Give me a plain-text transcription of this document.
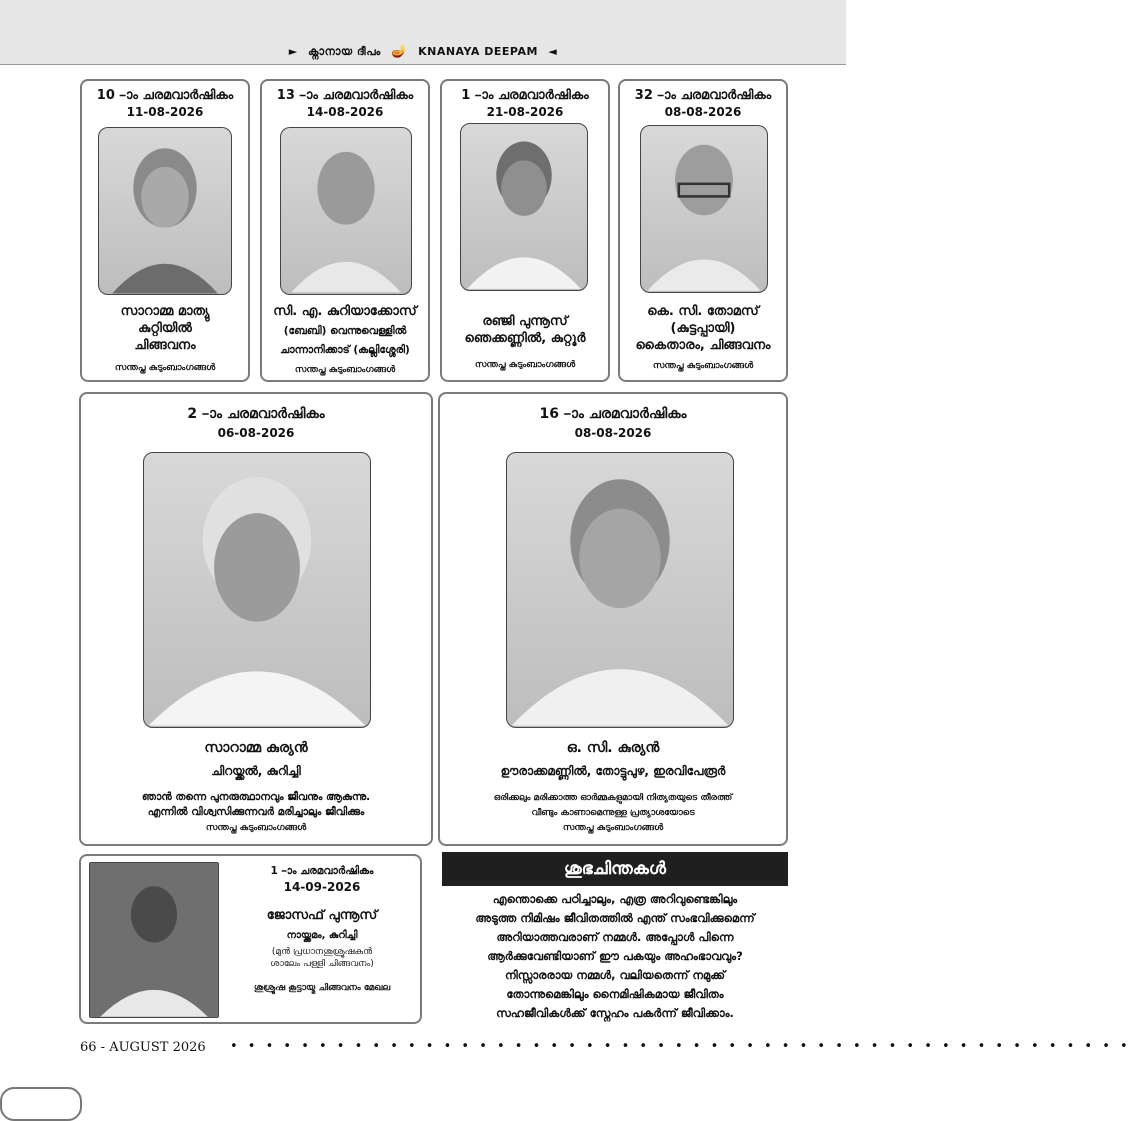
► ക്നാനായ ദീപം 🪔 KNANAYA DEEPAM ◄
10 –ാം ചരമവാർഷികം
11-08-2026
സാറാമ്മ മാത്യു
കുറ്റിയിൽ
ചിങ്ങവനം
സന്തപ്ത കുടുംബാംഗങ്ങൾ
13 –ാം ചരമവാർഷികം
14-08-2026
സി. എ. കുറിയാക്കോസ്
(ബേബി) വെന്നുവെള്ളിൽ
ചാന്നാനിക്കാട് (കല്ലിശ്ശേരി)
സന്തപ്ത കുടുംബാംഗങ്ങൾ
1 –ാം ചരമവാർഷികം
21-08-2026
രഞ്ജി പുന്നൂസ്
ഞെക്കണ്ണിൽ, കുറ്റൂർ
സന്തപ്ത കുടുംബാംഗങ്ങൾ
32 –ാം ചരമവാർഷികം
08-08-2026
കെ. സി. തോമസ്
(കുട്ടപ്പായി)
കൈതാരം, ചിങ്ങവനം
സന്തപ്ത കുടുംബാംഗങ്ങൾ
2 –ാം ചരമവാർഷികം
06-08-2026
സാറാമ്മ കുര്യൻ
ചിറയ്ക്കൽ, കുറിച്ചി
ഞാൻ തന്നെ പുനരുത്ഥാനവും ജീവനും ആകുന്നു.
എന്നിൽ വിശ്വസിക്കുന്നവർ മരിച്ചാലും ജീവിക്കും
സന്തപ്ത കുടുംബാംഗങ്ങൾ
16 –ാം ചരമവാർഷികം
08-08-2026
ഒ. സി. കുര്യൻ
ഊരാക്കമണ്ണിൽ, തോട്ടുപുഴ, ഇരവിപേരൂർ
ഒരിക്കലും മരിക്കാത്ത ഓർമ്മകളുമായി നിത്യതയുടെ തീരത്ത്
വീണ്ടും കാണാമെന്നുള്ള പ്രത്യാശയോടെ
സന്തപ്ത കുടുംബാംഗങ്ങൾ
1 –ാം ചരമവാർഷികം
14-09-2026
ജോസഫ് പുന്നൂസ്
നായ്ക്കമം, കുറിച്ചി
(മുൻ പ്രധാനശുശ്രൂഷകൻ
ശാലേം പള്ളി ചിങ്ങവനം)
ശുശ്രൂഷ കൂട്ടായ്മ ചിങ്ങവനം മേഖല
ശുഭചിന്തകൾ
എന്തൊക്കെ പഠിച്ചാലും, എത്ര അറിവുണ്ടെങ്കിലും
അടുത്ത നിമിഷം ജീവിതത്തിൽ എന്ത് സംഭവിക്കുമെന്ന്
അറിയാത്തവരാണ് നമ്മൾ. അപ്പോൾ പിന്നെ
ആർക്കുവേണ്ടിയാണ് ഈ പകയും അഹംഭാവവും?
നിസ്സാരരായ നമ്മൾ, വലിയതെന്ന് നമുക്ക്
തോന്നുമെങ്കിലും നൈമിഷികമായ ജീവിതം
സഹജീവികൾക്ക് സ്നേഹം പകർന്ന് ജീവിക്കാം.
66 - AUGUST 2026 • • • • • • • • • • • • • • • • • • • • • • • • • • • • • • • • • • • • • • • • • • • • • • • • • • •
